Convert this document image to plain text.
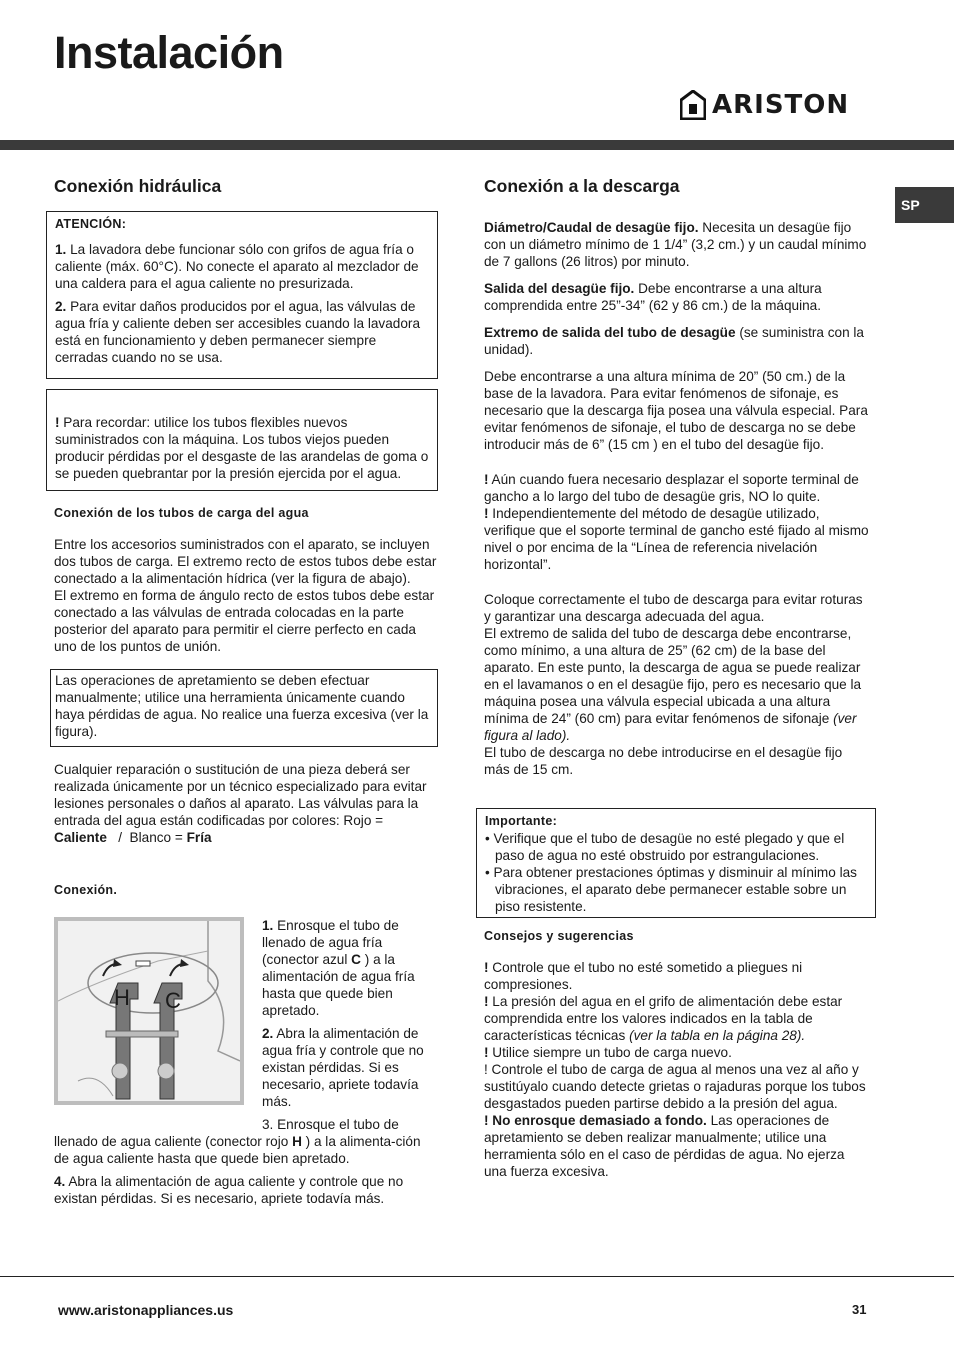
Instalación
ARISTON
SP
Conexión hidráulica

ATENCIÓN:

1. La lavadora debe funcionar sólo con grifos de agua fría o caliente (máx. 60°C). No conecte el aparato al mezclador de una caldera para el agua caliente no presurizada.

2. Para evitar daños producidos por el agua, las válvulas de agua fría y caliente deben ser accesibles cuando la lavadora está en funcionamiento y deben permanecer siempre cerradas cuando no se usa.

! Para recordar: utilice los tubos flexibles nuevos suministrados con la máquina. Los tubos viejos pueden producir pérdidas por el desgaste de las arandelas de goma o se pueden quebrantar por la presión ejercida por el agua.

Conexión de los tubos de carga del agua

Entre los accesorios suministrados con el aparato, se incluyen dos tubos de carga. El extremo recto de estos tubos debe estar conectado a la alimentación hídrica (ver la figura de abajo).

El extremo en forma de ángulo recto de estos tubos debe estar conectado a las válvulas de entrada colocadas en la parte posterior del aparato para permitir el cierre perfecto en cada uno de los puntos de unión.

Las operaciones de apretamiento se deben efectuar manualmente; utilice una herramienta únicamente cuando haya pérdidas de agua. No realice una fuerza excesiva (ver la figura).

Cualquier reparación o sustitución de una pieza deberá ser realizada únicamente por un técnico especializado para evitar lesiones personales o daños al aparato. Las válvulas para la entrada del agua están codificadas por colores: Rojo = Caliente   /  Blanco = Fría

Conexión.

1. Enrosque el tubo de llenado de agua fría (conector azul C ) a la alimentación de agua fría hasta que quede bien apretado.

2. Abra la alimentación de agua fría y controle que no existan pérdidas. Si es necesario, apriete todavía más.

3. Enrosque el tubo de

llenado de agua caliente (conector rojo H ) a la alimenta-ción de agua caliente hasta que quede bien apretado.

4. Abra la alimentación de agua caliente y controle que no existan pérdidas. Si es necesario, apriete todavía más.

H C
Conexión a la descarga

Diámetro/Caudal de desagüe fijo. Necesita un desagüe fijo con un diámetro mínimo de 1 1/4” (3,2 cm.) y un caudal mínimo de 7 gallons (26 litros) por minuto.

Salida del desagüe fijo. Debe encontrarse a una altura comprendida entre 25”-34” (62 y 86 cm.) de la máquina.

Extremo de salida del tubo de desagüe (se suministra con la unidad).

Debe encontrarse a una altura mínima de 20” (50 cm.) de la base de la lavadora. Para evitar fenómenos de sifonaje, es necesario que la descarga fija posea una válvula especial. Para evitar fenómenos de sifonaje, el tubo de descarga no se debe introducir más de 6” (15 cm ) en el tubo del desagüe fijo.

! Aún cuando fuera necesario desplazar el soporte terminal de gancho a lo largo del tubo de desagüe gris, NO lo quite.

! Independientemente del método de desagüe utilizado, verifique que el soporte terminal de gancho esté fijado al mismo nivel o por encima de la “Línea de referencia nivelación horizontal”.

Coloque correctamente el tubo de descarga para evitar roturas y garantizar una descarga adecuada del agua.

El extremo de salida del tubo de descarga debe encontrarse, como mínimo, a una altura de 25” (62 cm) de la base del aparato. En este punto, la descarga de agua se puede realizar en el lavamanos o en el desagüe fijo, pero es necesario que la máquina posea una válvula especial ubicada a una altura mínima de 24” (60 cm) para evitar fenómenos de sifonaje (ver figura al lado).

El tubo de descarga no debe introducirse en el desagüe fijo más de 15 cm.

Importante:

• Verifique que el tubo de desagüe no esté plegado y que el paso de agua no esté obstruido por estrangulaciones.

• Para obtener prestaciones óptimas y disminuir al mínimo las vibraciones, el aparato debe permanecer estable sobre un piso resistente.

Consejos y sugerencias

! Controle que el tubo no esté sometido a pliegues ni compresiones.

! La presión del agua en el grifo de alimentación debe estar comprendida entre los valores indicados en la tabla de características técnicas (ver la tabla en la página 28).

! Utilice siempre un tubo de carga nuevo.

! Controle el tubo de carga de agua al menos una vez al año y sustitúyalo cuando detecte grietas o rajaduras porque los tubos desgastados pueden partirse debido a la presión del agua.

! No enrosque demasiado a fondo. Las operaciones de apretamiento se deben realizar manualmente; utilice una herramienta sólo en el caso de pérdidas de agua. No ejerza una fuerza excesiva.

www.aristonappliances.us	31
